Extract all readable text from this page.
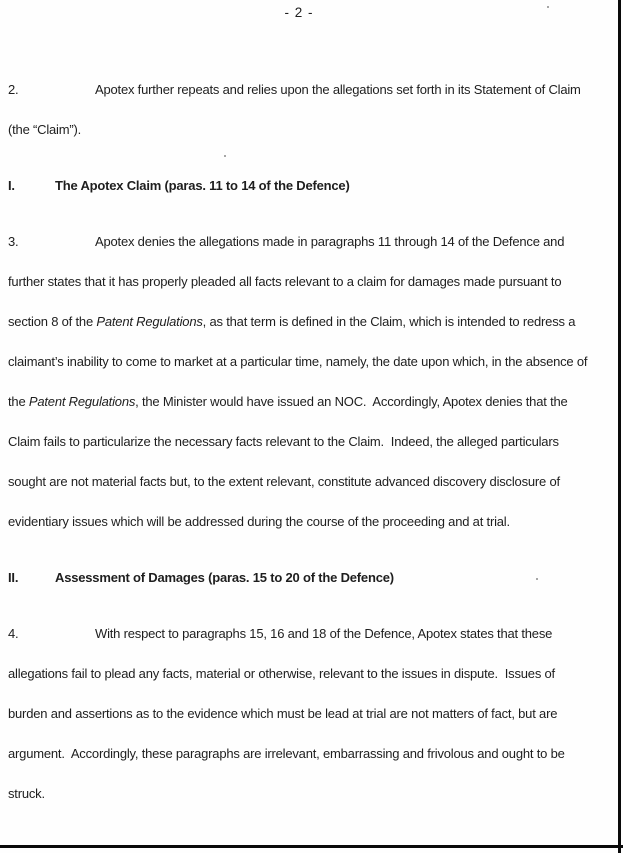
- 2 -
2.	Apotex further repeats and relies upon the allegations set forth in its Statement of Claim (the “Claim”).
I.	The Apotex Claim (paras. 11 to 14 of the Defence)
3.	Apotex denies the allegations made in paragraphs 11 through 14 of the Defence and further states that it has properly pleaded all facts relevant to a claim for damages made pursuant to section 8 of the Patent Regulations, as that term is defined in the Claim, which is intended to redress a claimant’s inability to come to market at a particular time, namely, the date upon which, in the absence of the Patent Regulations, the Minister would have issued an NOC.  Accordingly, Apotex denies that the Claim fails to particularize the necessary facts relevant to the Claim.  Indeed, the alleged particulars sought are not material facts but, to the extent relevant, constitute advanced discovery disclosure of evidentiary issues which will be addressed during the course of the proceeding and at trial.
II.	Assessment of Damages (paras. 15 to 20 of the Defence)
4.	With respect to paragraphs 15, 16 and 18 of the Defence, Apotex states that these allegations fail to plead any facts, material or otherwise, relevant to the issues in dispute.  Issues of burden and assertions as to the evidence which must be lead at trial are not matters of fact, but are argument.  Accordingly, these paragraphs are irrelevant, embarrassing and frivolous and ought to be struck.
